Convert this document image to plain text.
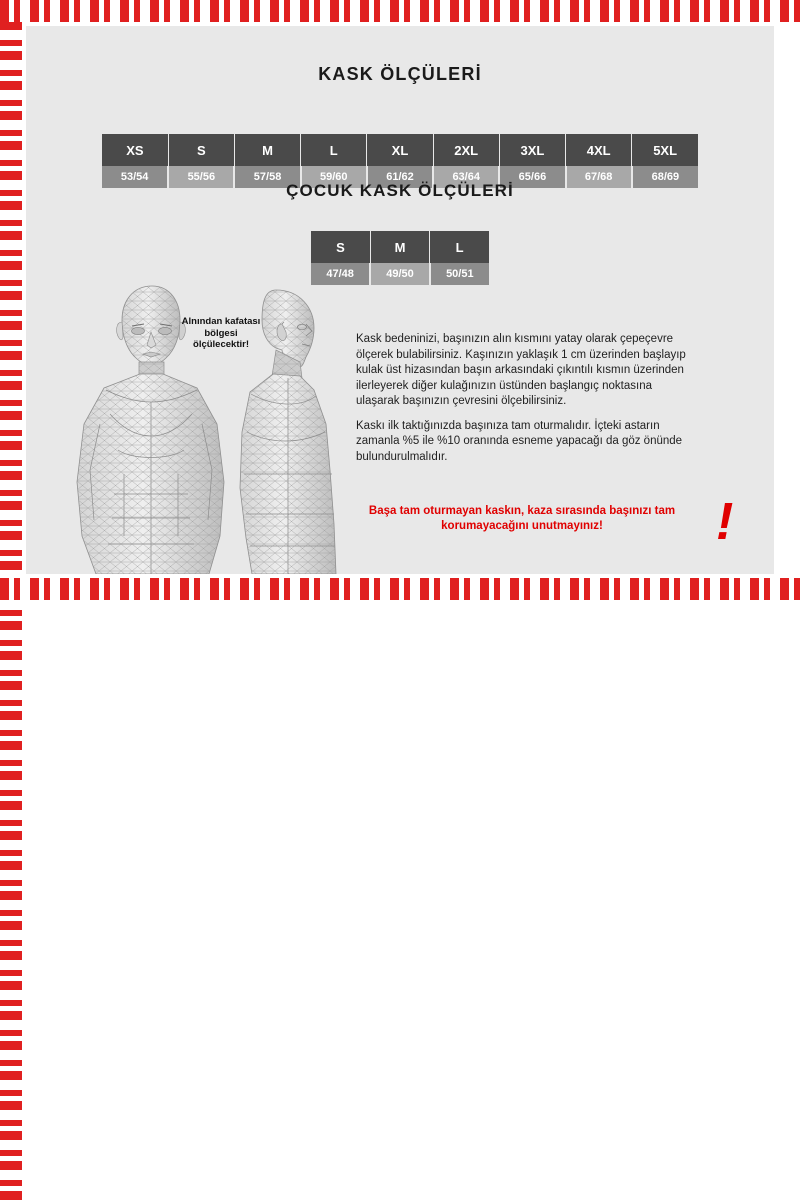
KASK ÖLÇÜLERİ
XS	S	M	L	XL	2XL	3XL	4XL	5XL
53/54	55/56	57/58	59/60	61/62	63/64	65/66	67/68	68/69
ÇOCUK KASK ÖLÇÜLERİ
S	M	L
47/48	49/50	50/51
Alnından kafatası
bölgesi
ölçülecektir!	Kask bedeninizi, başınızın alın kısmını yatay olarak çepeçevre ölçerek bulabilirsiniz. Kaşınızın yaklaşık 1 cm üzerinden başlayıp kulak üst hizasından başın arkasındaki çıkıntılı kısmın üzerinden ilerleyerek diğer kulağınızın üstünden başlangıç noktasına ulaşarak başınızın çevresini ölçebilirsiniz.

Kaskı ilk taktığınızda başınıza tam oturmalıdır. İçteki astarın zamanla %5 ile %10 oranında esneme yapacağı da göz önünde bulundurulmalıdır.

Başa tam oturmayan kaskın, kaza sırasında başınızı tam
korumayacağını unutmayınız!	!
